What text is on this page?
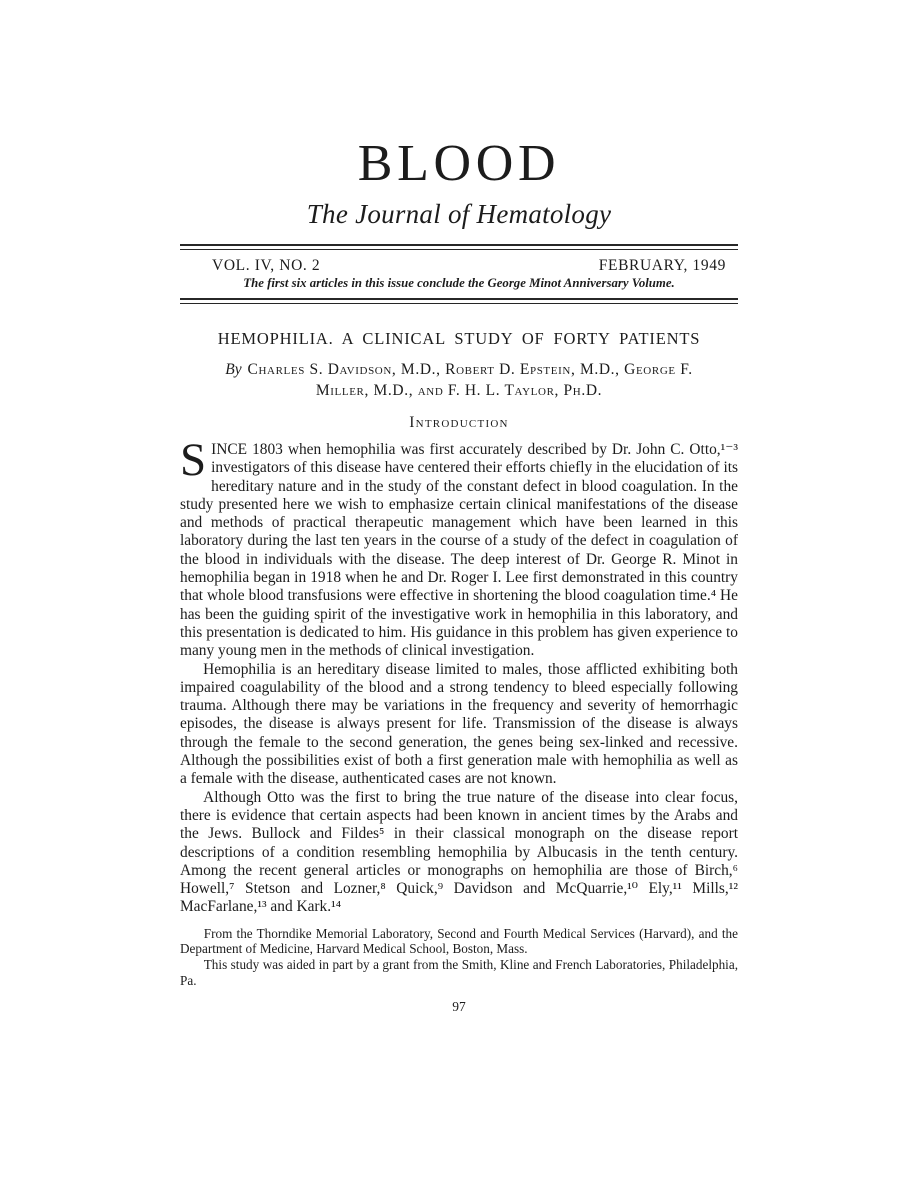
BLOOD
The Journal of Hematology
VOL. IV, NO. 2	FEBRUARY, 1949
The first six articles in this issue conclude the George Minot Anniversary Volume.
HEMOPHILIA. A CLINICAL STUDY OF FORTY PATIENTS

By Charles S. Davidson, M.D., Robert D. Epstein, M.D., George F.
Miller, M.D., and F. H. L. Taylor, Ph.D.

Introduction

SINCE 1803 when hemophilia was first accurately described by Dr. John C. Otto,¹⁻³ investigators of this disease have centered their efforts chiefly in the elucidation of its hereditary nature and in the study of the constant defect in blood coagulation. In the study presented here we wish to emphasize certain clinical manifestations of the disease and methods of practical therapeutic management which have been learned in this laboratory during the last ten years in the course of a study of the defect in coagulation of the blood in individuals with the disease. The deep interest of Dr. George R. Minot in hemophilia began in 1918 when he and Dr. Roger I. Lee first demonstrated in this country that whole blood transfusions were effective in shortening the blood coagulation time.⁴ He has been the guiding spirit of the investigative work in hemophilia in this laboratory, and this presentation is dedicated to him. His guidance in this problem has given experience to many young men in the methods of clinical investigation.

Hemophilia is an hereditary disease limited to males, those afflicted exhibiting both impaired coagulability of the blood and a strong tendency to bleed especially following trauma. Although there may be variations in the frequency and severity of hemorrhagic episodes, the disease is always present for life. Transmission of the disease is always through the female to the second generation, the genes being sex-linked and recessive. Although the possibilities exist of both a first generation male with hemophilia as well as a female with the disease, authenticated cases are not known.

Although Otto was the first to bring the true nature of the disease into clear focus, there is evidence that certain aspects had been known in ancient times by the Arabs and the Jews. Bullock and Fildes⁵ in their classical monograph on the disease report descriptions of a condition resembling hemophilia by Albucasis in the tenth century. Among the recent general articles or monographs on hemophilia are those of Birch,⁶ Howell,⁷ Stetson and Lozner,⁸ Quick,⁹ Davidson and McQuarrie,¹⁰ Ely,¹¹ Mills,¹² MacFarlane,¹³ and Kark.¹⁴

From the Thorndike Memorial Laboratory, Second and Fourth Medical Services (Harvard), and the Department of Medicine, Harvard Medical School, Boston, Mass.

This study was aided in part by a grant from the Smith, Kline and French Laboratories, Philadelphia, Pa.

97
